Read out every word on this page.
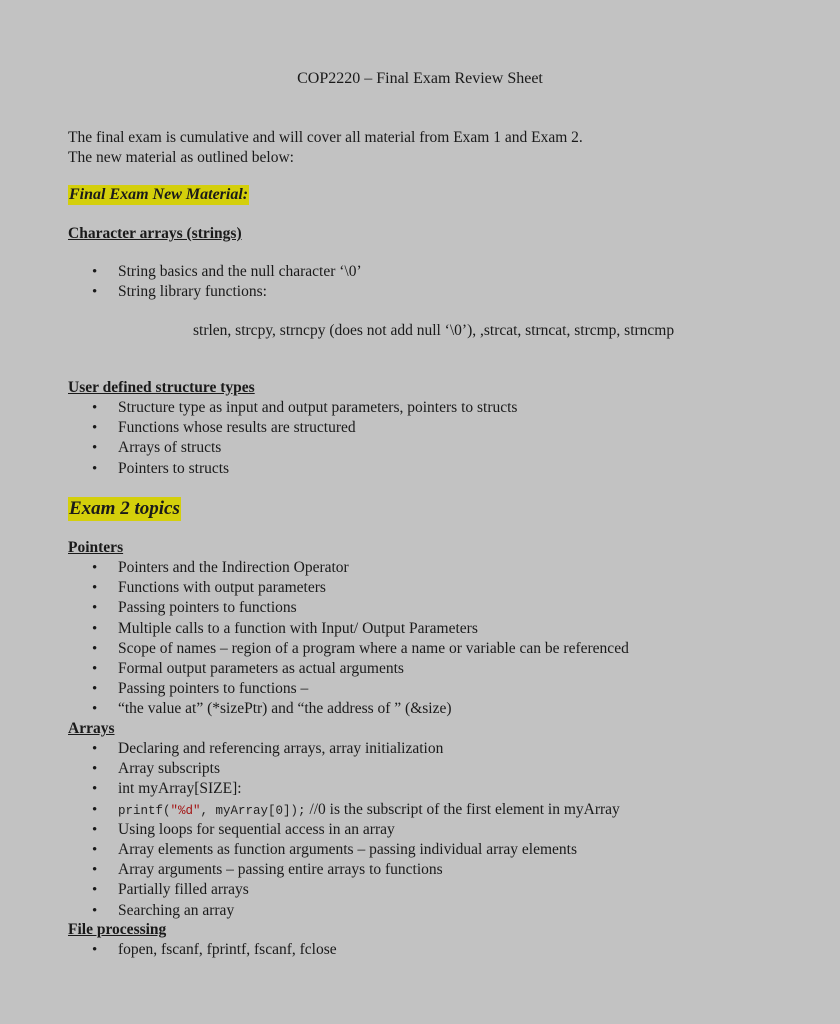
COP2220 – Final Exam Review Sheet
The final exam is cumulative and will cover all material from Exam 1 and Exam 2.
The new material as outlined below:
Final Exam New Material:
Character arrays (strings)
• String basics and the null character ‘\0’
• String library functions:
strlen, strcpy, strncpy (does not add null ‘\0’), ,strcat, strncat, strcmp, strncmp
User defined structure types
• Structure type as input and output parameters, pointers to structs
• Functions whose results are structured
• Arrays of structs
• Pointers to structs
Exam 2 topics
Pointers
• Pointers and the Indirection Operator
• Functions with output parameters
• Passing pointers to functions
• Multiple calls to a function with Input/ Output Parameters
• Scope of names – region of a program where a name or variable can be referenced
• Formal output parameters as actual arguments
• Passing pointers to functions –
• “the value at” (*sizePtr) and “the address of ” (&size)
Arrays
• Declaring and referencing arrays, array initialization
• Array subscripts
• int myArray[SIZE]:
• printf("%d", myArray[0]); //0 is the subscript of the first element in myArray
• Using loops for sequential access in an array
• Array elements as function arguments – passing individual array elements
• Array arguments – passing entire arrays to functions
• Partially filled arrays
• Searching an array
File processing
• fopen, fscanf, fprintf, fscanf, fclose
